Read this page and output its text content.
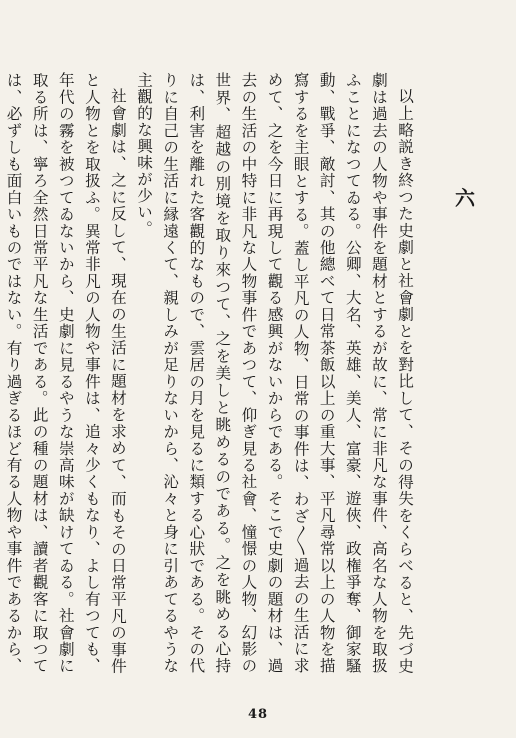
六

以上略説き終つた史劇と社會劇とを對比して、その得失をくらべると、先づ史劇は過去の人物や事件を題材とするが故に、常に非凡な事件、高名な人物を取扱ふことになつてゐる。公卿、大名、英雄、美人、富豪、遊俠、政権爭奪、御家騷動、戰爭、敵討、其の他總べて日常茶飯以上の重大事、平凡尋常以上の人物を描寫するを主眼とする。蓋し平凡の人物、日常の事件は、わざ〳〵過去の生活に求めて、之を今日に再現して觀る感興がないからである。そこで史劇の題材は、過去の生活の中特に非凡な人物事件であつて、仰ぎ見る社會、憧憬の人物、幻影の世界、超越の別境を取り來つて、之を美しと眺めるのである。之を眺める心持は、利害を離れた客觀的なもので、雲居の月を見るに類する心狀である。その代りに自己の生活に縁遠くて、親しみが足りないから、沁々と身に引あてるやうな主觀的な興味が少い。

社會劇は、之に反して、現在の生活に題材を求めて、而もその日常平凡の事件と人物とを取扱ふ。異常非凡の人物や事件は、追々少くもなり、よし有つても、年代の霧を被つてゐないから、史劇に見るやうな崇高味が缺けてゐる。社會劇に取る所は、寧ろ全然日常平凡な生活である。此の種の題材は、讀者觀客に取つては、必ずしも面白いものではない。有り過ぎるほど有る人物や事件であるから、

48
